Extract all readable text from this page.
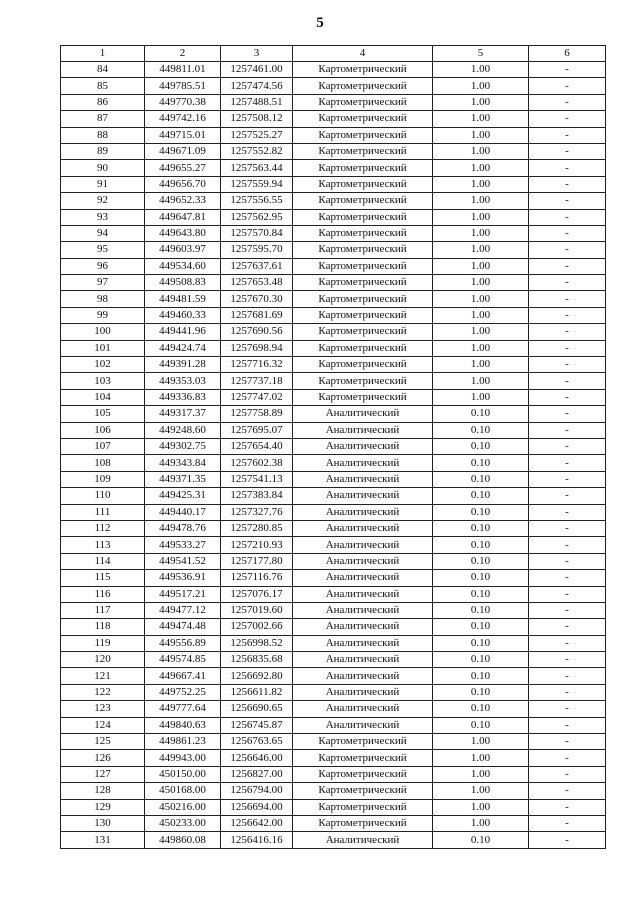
5
1	2	3	4	5	6
84	449811.01	1257461.00	Картометрический	1.00	-
85	449785.51	1257474.56	Картометрический	1.00	-
86	449770.38	1257488.51	Картометрический	1.00	-
87	449742.16	1257508.12	Картометрический	1.00	-
88	449715.01	1257525.27	Картометрический	1.00	-
89	449671.09	1257552.82	Картометрический	1.00	-
90	449655.27	1257563.44	Картометрический	1.00	-
91	449656.70	1257559.94	Картометрический	1.00	-
92	449652.33	1257556.55	Картометрический	1.00	-
93	449647.81	1257562.95	Картометрический	1.00	-
94	449643.80	1257570.84	Картометрический	1.00	-
95	449603.97	1257595.70	Картометрический	1.00	-
96	449534.60	1257637.61	Картометрический	1.00	-
97	449508.83	1257653.48	Картометрический	1.00	-
98	449481.59	1257670.30	Картометрический	1.00	-
99	449460.33	1257681.69	Картометрический	1.00	-
100	449441.96	1257690.56	Картометрический	1.00	-
101	449424.74	1257698.94	Картометрический	1.00	-
102	449391.28	1257716.32	Картометрический	1.00	-
103	449353.03	1257737.18	Картометрический	1.00	-
104	449336.83	1257747.02	Картометрический	1.00	-
105	449317.37	1257758.89	Аналитический	0.10	-
106	449248.60	1257695.07	Аналитический	0.10	-
107	449302.75	1257654.40	Аналитический	0.10	-
108	449343.84	1257602.38	Аналитический	0.10	-
109	449371.35	1257541.13	Аналитический	0.10	-
110	449425.31	1257383.84	Аналитический	0.10	-
111	449440.17	1257327.76	Аналитический	0.10	-
112	449478.76	1257280.85	Аналитический	0.10	-
113	449533.27	1257210.93	Аналитический	0.10	-
114	449541.52	1257177.80	Аналитический	0.10	-
115	449536.91	1257116.76	Аналитический	0.10	-
116	449517.21	1257076.17	Аналитический	0.10	-
117	449477.12	1257019.60	Аналитический	0.10	-
118	449474.48	1257002.66	Аналитический	0.10	-
119	449556.89	1256998.52	Аналитический	0.10	-
120	449574.85	1256835.68	Аналитический	0.10	-
121	449667.41	1256692.80	Аналитический	0.10	-
122	449752.25	1256611.82	Аналитический	0.10	-
123	449777.64	1256690.65	Аналитический	0.10	-
124	449840.63	1256745.87	Аналитический	0.10	-
125	449861.23	1256763.65	Картометрический	1.00	-
126	449943.00	1256646.00	Картометрический	1.00	-
127	450150.00	1256827.00	Картометрический	1.00	-
128	450168.00	1256794.00	Картометрический	1.00	-
129	450216.00	1256694.00	Картометрический	1.00	-
130	450233.00	1256642.00	Картометрический	1.00	-
131	449860.08	1256416.16	Аналитический	0.10	-
